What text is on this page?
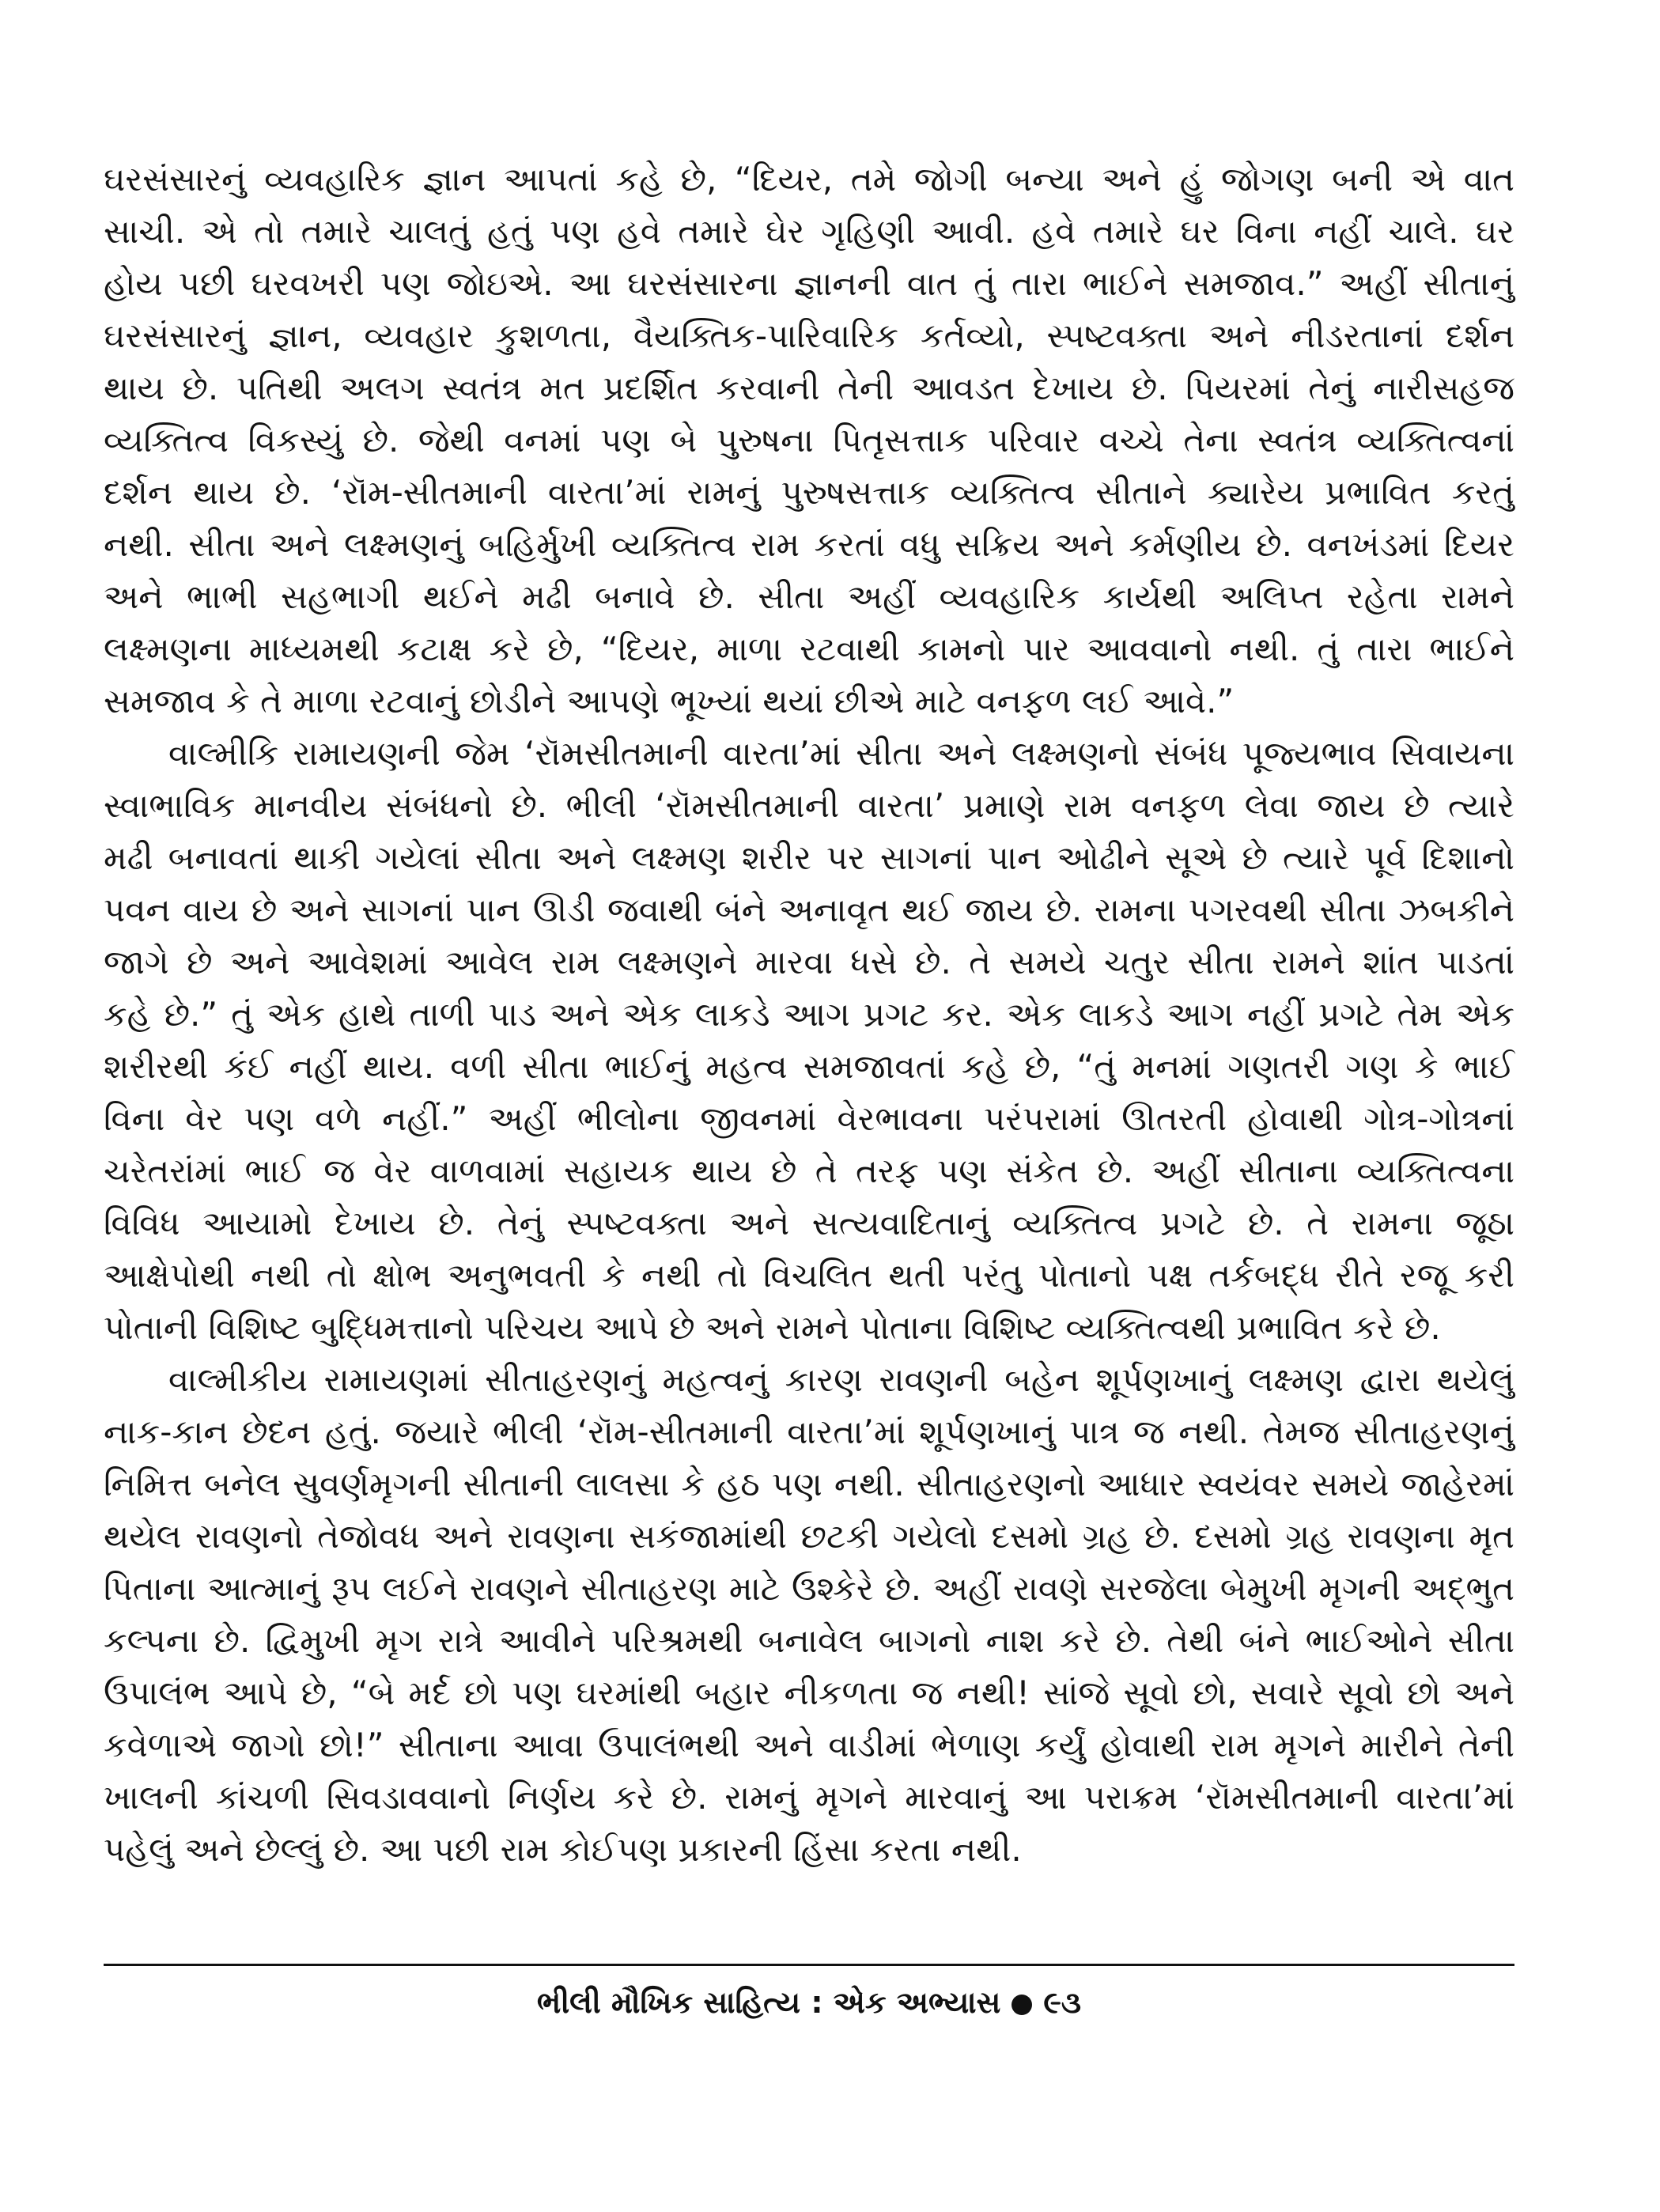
ઘરસંસારનું વ્યવહારિક જ્ઞાન આપતાં કહે છે, “દિયર, તમે જોગી બન્યા અને હું જોગણ બની એ વાત
સાચી. એ તો તમારે ચાલતું હતું પણ હવે તમારે ઘેર ગૃહિણી આવી. હવે તમારે ઘર વિના નહીં ચાલે. ઘર
હોય પછી ઘરવખરી પણ જોઇએ. આ ઘરસંસારના જ્ઞાનની વાત તું તારા ભાઈને સમજાવ.” અહીં સીતાનું
ઘરસંસારનું જ્ઞાન, વ્યવહાર કુશળતા, વૈયક્તિક-પારિવારિક કર્તવ્યો, સ્પષ્ટવક્તા અને નીડરતાનાં દર્શન
થાય છે. પતિથી અલગ સ્વતંત્ર મત પ્રદર્શિત કરવાની તેની આવડત દેખાય છે. પિયરમાં તેનું નારીસહજ
વ્યક્તિત્વ વિકસ્યું છે. જેથી વનમાં પણ બે પુરુષના પિતૃસત્તાક પરિવાર વચ્ચે તેના સ્વતંત્ર વ્યક્તિત્વનાં
દર્શન થાય છે. ‘રૉમ-સીતમાની વારતા’માં રામનું પુરુષસત્તાક વ્યક્તિત્વ સીતાને ક્યારેય પ્રભાવિત કરતું
નથી. સીતા અને લક્ષ્મણનું બહિર્મુખી વ્યક્તિત્વ રામ કરતાં વધુ સક્રિય અને કર્મણીય છે. વનખંડમાં દિયર
અને ભાભી સહભાગી થઈને મઢી બનાવે છે. સીતા અહીં વ્યવહારિક કાર્યથી અલિપ્ત રહેતા રામને
લક્ષ્મણના માધ્યમથી કટાક્ષ કરે છે, “દિયર, માળા રટવાથી કામનો પાર આવવાનો નથી. તું તારા ભાઈને
સમજાવ કે તે માળા રટવાનું છોડીને આપણે ભૂખ્યાં થયાં છીએ માટે વનફળ લઈ આવે.”
વાલ્મીકિ રામાયણની જેમ ‘રૉમસીતમાની વારતા’માં સીતા અને લક્ષ્મણનો સંબંધ પૂજ્યભાવ સિવાયના
સ્વાભાવિક માનવીય સંબંધનો છે. ભીલી ‘રૉમસીતમાની વારતા’ પ્રમાણે રામ વનફળ લેવા જાય છે ત્યારે
મઢી બનાવતાં થાકી ગયેલાં સીતા અને લક્ષ્મણ શરીર પર સાગનાં પાન ઓઢીને સૂએ છે ત્યારે પૂર્વ દિશાનો
પવન વાય છે અને સાગનાં પાન ઊડી જવાથી બંને અનાવૃત થઈ જાય છે. રામના પગરવથી સીતા ઝબકીને
જાગે છે અને આવેશમાં આવેલ રામ લક્ષ્મણને મારવા ધસે છે. તે સમયે ચતુર સીતા રામને શાંત પાડતાં
કહે છે.” તું એક હાથે તાળી પાડ અને એક લાકડે આગ પ્રગટ કર. એક લાકડે આગ નહીં પ્રગટે તેમ એક
શરીરથી કંઈ નહીં થાય. વળી સીતા ભાઈનું મહત્વ સમજાવતાં કહે છે, “તું મનમાં ગણતરી ગણ કે ભાઈ
વિના વેર પણ વળે નહીં.” અહીં ભીલોના જીવનમાં વેરભાવના પરંપરામાં ઊતરતી હોવાથી ગોત્ર-ગોત્રનાં
ચરેતરાંમાં ભાઈ જ વેર વાળવામાં સહાયક થાય છે તે તરફ પણ સંકેત છે. અહીં સીતાના વ્યક્તિત્વના
વિવિધ આયામો દેખાય છે. તેનું સ્પષ્ટવક્તા અને સત્યવાદિતાનું વ્યક્તિત્વ પ્રગટે છે. તે રામના જૂઠા
આક્ષેપોથી નથી તો ક્ષોભ અનુભવતી કે નથી તો વિચલિત થતી પરંતુ પોતાનો પક્ષ તર્કબદ્ધ રીતે રજૂ કરી
પોતાની વિશિષ્ટ બુદ્ધિમત્તાનો પરિચય આપે છે અને રામને પોતાના વિશિષ્ટ વ્યક્તિત્વથી પ્રભાવિત કરે છે.
વાલ્મીકીય રામાયણમાં સીતાહરણનું મહત્વનું કારણ રાવણની બહેન શૂર્પણખાનું લક્ષ્મણ દ્વારા થયેલું
નાક-કાન છેદન હતું. જયારે ભીલી ‘રૉમ-સીતમાની વારતા’માં શૂર્પણખાનું પાત્ર જ નથી. તેમજ સીતાહરણનું
નિમિત્ત બનેલ સુવર્ણમૃગની સીતાની લાલસા કે હઠ પણ નથી. સીતાહરણનો આધાર સ્વયંવર સમયે જાહેરમાં
થયેલ રાવણનો તેજોવધ અને રાવણના સકંજામાંથી છટકી ગયેલો દસમો ગ્રહ છે. દસમો ગ્રહ રાવણના મૃત
પિતાના આત્માનું રૂપ લઈને રાવણને સીતાહરણ માટે ઉશ્કેરે છે. અહીં રાવણે સરજેલા બેમુખી મૃગની અદ્‌ભુત
કલ્પના છે. દ્વિમુખી મૃગ રાત્રે આવીને પરિશ્રમથી બનાવેલ બાગનો નાશ કરે છે. તેથી બંને ભાઈઓને સીતા
ઉપાલંભ આપે છે, “બે મર્દ છો પણ ઘરમાંથી બહાર નીકળતા જ નથી! સાંજે સૂવો છો, સવારે સૂવો છો અને
કવેળાએ જાગો છો!” સીતાના આવા ઉપાલંભથી અને વાડીમાં ભેળાણ કર્યું હોવાથી રામ મૃગને મારીને તેની
ખાલની કાંચળી સિવડાવવાનો નિર્ણય કરે છે. રામનું મૃગને મારવાનું આ પરાક્રમ ‘રૉમસીતમાની વારતા’માં
પહેલું અને છેલ્લું છે. આ પછી રામ કોઈપણ પ્રકારની હિંસા કરતા નથી.
ભીલી મૌખિક સાહિત્ય : એક અભ્યાસ ૯૩
